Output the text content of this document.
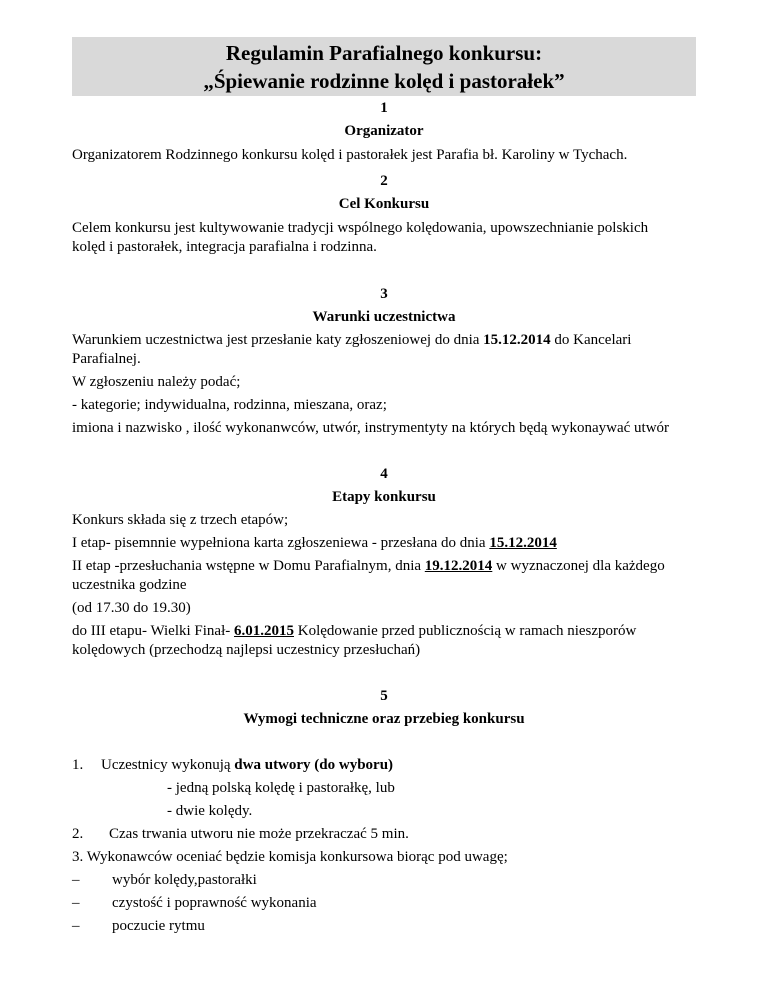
Regulamin Parafialnego konkursu:
„Śpiewanie rodzinne kolęd i pastorałek”
1
Organizator
Organizatorem Rodzinnego konkursu kolęd i pastorałek jest Parafia bł. Karoliny w Tychach.
2
Cel Konkursu
Celem konkursu jest kultywowanie tradycji wspólnego kolędowania, upowszechnianie polskich
kolęd i pastorałek, integracja parafialna i rodzinna.
3
Warunki uczestnictwa
Warunkiem uczestnictwa jest przesłanie katy zgłoszeniowej do dnia 15.12.2014 do Kancelari
Parafialnej.
W zgłoszeniu należy podać;
- kategorie; indywidualna, rodzinna, mieszana, oraz;
imiona i nazwisko , ilość wykonanwców, utwór, instrymentyty na których będą wykonaywać utwór
4
Etapy konkursu
Konkurs składa się z trzech etapów;
I etap- pisemnnie wypełniona karta zgłoszeniewa - przesłana do dnia 15.12.2014
II etap -przesłuchania wstępne w Domu Parafialnym, dnia 19.12.2014 w wyznaczonej dla każdego
uczestnika godzine
(od 17.30 do 19.30)
do III etapu- Wielki Finał- 6.01.2015 Kolędowanie przed publicznością w ramach nieszporów
kolędowych (przechodzą najlepsi uczestnicy przesłuchań)
5
Wymogi techniczne oraz przebieg konkursu
1. Uczestnicy wykonują dwa utwory (do wyboru)
- jedną polską kolędę i pastorałkę, lub
- dwie kolędy.
2. Czas trwania utworu nie może przekraczać 5 min.
3. Wykonawców oceniać będzie komisja konkursowa biorąc pod uwagę;
– wybór kolędy,pastorałki
– czystość i poprawność wykonania
– poczucie rytmu
